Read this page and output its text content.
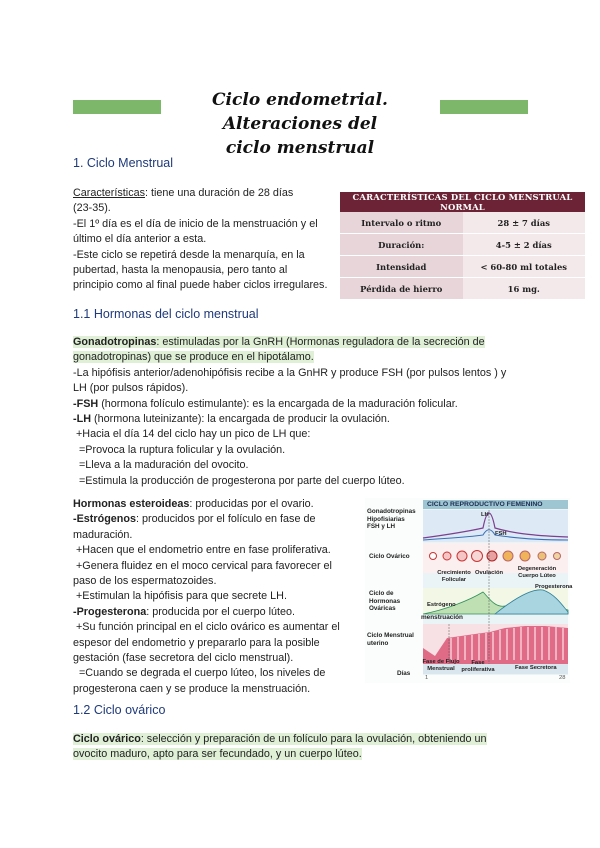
Ciclo endometrial. Alteraciones del
ciclo menstrual
1. Ciclo Menstrual
Características: tiene una duración de 28 días
(23-35).
-El 1º día es el día de inicio de la menstruación y el
último el día anterior a esta.
-Este ciclo se repetirá desde la menarquía, en la
pubertad, hasta la menopausia, pero tanto al
principio como al final puede haber ciclos irregulares.
CARACTERÍSTICAS DEL CICLO MENSTRUAL NORMAL	
Intervalo o ritmo	28 ± 7 días
Duración:	4-5 ± 2 días
Intensidad	< 60-80 ml totales
Pérdida de hierro	16 mg.
1.1 Hormonas del ciclo menstrual
Gonadotropinas: estimuladas por la GnRH (Hormonas reguladora de la secreción de
gonadotropinas) que se produce en el hipotálamo.
-La hipófisis anterior/adenohipófisis recibe a la GnHR y produce FSH (por pulsos lentos ) y
LH (por pulsos rápidos).
-FSH (hormona folículo estimulante): es la encargada de la maduración folicular.
-LH (hormona luteinizante): la encargada de producir la ovulación.
+Hacia el día 14 del ciclo hay un pico de LH que:
=Provoca la ruptura folicular y la ovulación.
=Lleva a la maduración del ovocito.
=Estimula la producción de progesterona por parte del cuerpo lúteo.
Hormonas esteroideas: producidas por el ovario.
-Estrógenos: producidos por el folículo en fase de
maduración.
+Hacen que el endometrio entre en fase proliferativa.
+Genera fluidez en el moco cervical para favorecer el
paso de los espermatozoides.
+Estimulan la hipófisis para que secrete LH.
-Progesterona: producida por el cuerpo lúteo.
+Su función principal en el ciclo ovárico es aumentar el
espesor del endometrio y prepararlo para la posible
gestación (fase secretora del ciclo menstrual).
=Cuando se degrada el cuerpo lúteo, los niveles de
progesterona caen y se produce la menstruación.
CICLO REPRODUCTIVO FEMENINO
Gonadotropinas Hipofisiarias FSH y LH
Ciclo Ovárico
Ciclo de Hormonas Ováricas
Ciclo Menstrual uterino
Días
LH
FSH
Crecimiento Folicular
Ovulación
Degeneración Cuerpo Lúteo
Estrógeno
Progesterona
menstruación
Fase de Flujo Menstrual
Fase proliferativa	Fase Secretora
1	28
1.2 Ciclo ovárico
Ciclo ovárico: selección y preparación de un folículo para la ovulación, obteniendo un
ovocito maduro, apto para ser fecundado, y un cuerpo lúteo.
